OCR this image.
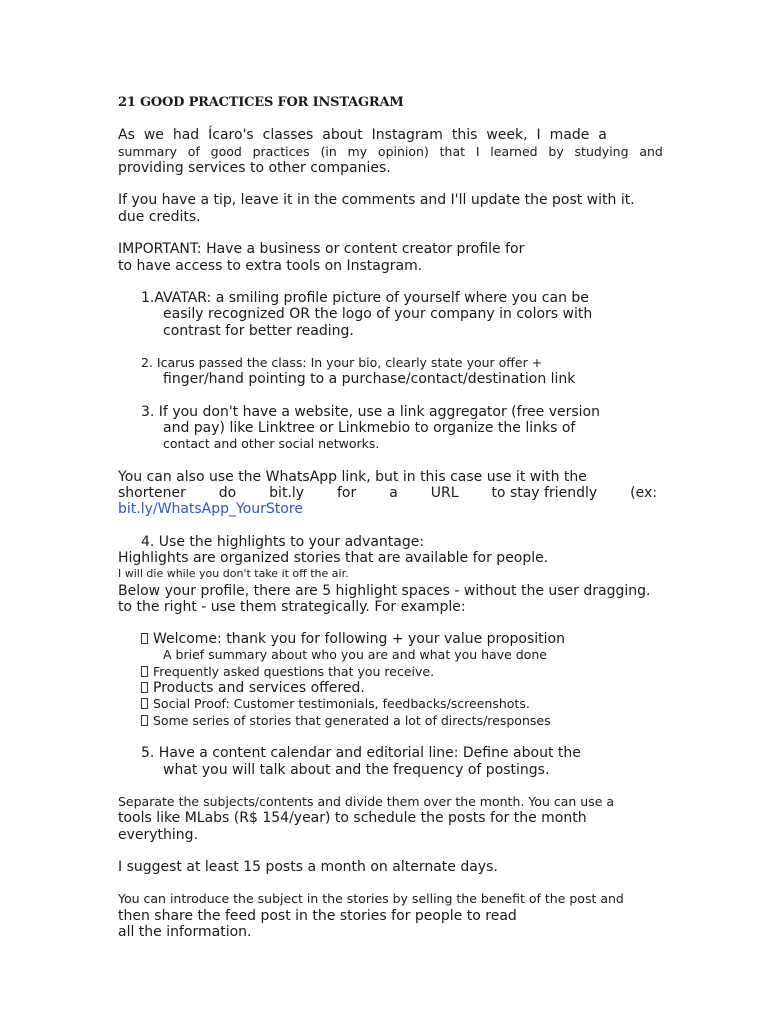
21 GOOD PRACTICES FOR INSTAGRAM
As we had Ícaro's classes about Instagram this week, I made a
summary of good practices (in my opinion) that I learned by studying and
providing services to other companies.
If you have a tip, leave it in the comments and I'll update the post with it.
due credits.
IMPORTANT: Have a business or content creator profile for
to have access to extra tools on Instagram.
1.AVATAR: a smiling profile picture of yourself where you can be
easily recognized OR the logo of your company in colors with
contrast for better reading.
2. Icarus passed the class: In your bio, clearly state your offer +
finger/hand pointing to a purchase/contact/destination link
3. If you don't have a website, use a link aggregator (free version
and pay) like Linktree or Linkmebio to organize the links of
contact and other social networks.
You can also use the WhatsApp link, but in this case use it with the
shortener do bit.ly for a URL to stay friendly (ex:
bit.ly/WhatsApp_YourStore
4. Use the highlights to your advantage:
Highlights are organized stories that are available for people.
I will die while you don't take it off the air.
Below your profile, there are 5 highlight spaces - without the user dragging.
to the right - use them strategically. For example:
Welcome: thank you for following + your value proposition
A brief summary about who you are and what you have done
Frequently asked questions that you receive.
Products and services offered.
Social Proof: Customer testimonials, feedbacks/screenshots.
Some series of stories that generated a lot of directs/responses
5. Have a content calendar and editorial line: Define about the
what you will talk about and the frequency of postings.
Separate the subjects/contents and divide them over the month. You can use a
tools like MLabs (R$ 154/year) to schedule the posts for the month
everything.
I suggest at least 15 posts a month on alternate days.
You can introduce the subject in the stories by selling the benefit of the post and
then share the feed post in the stories for people to read
all the information.
